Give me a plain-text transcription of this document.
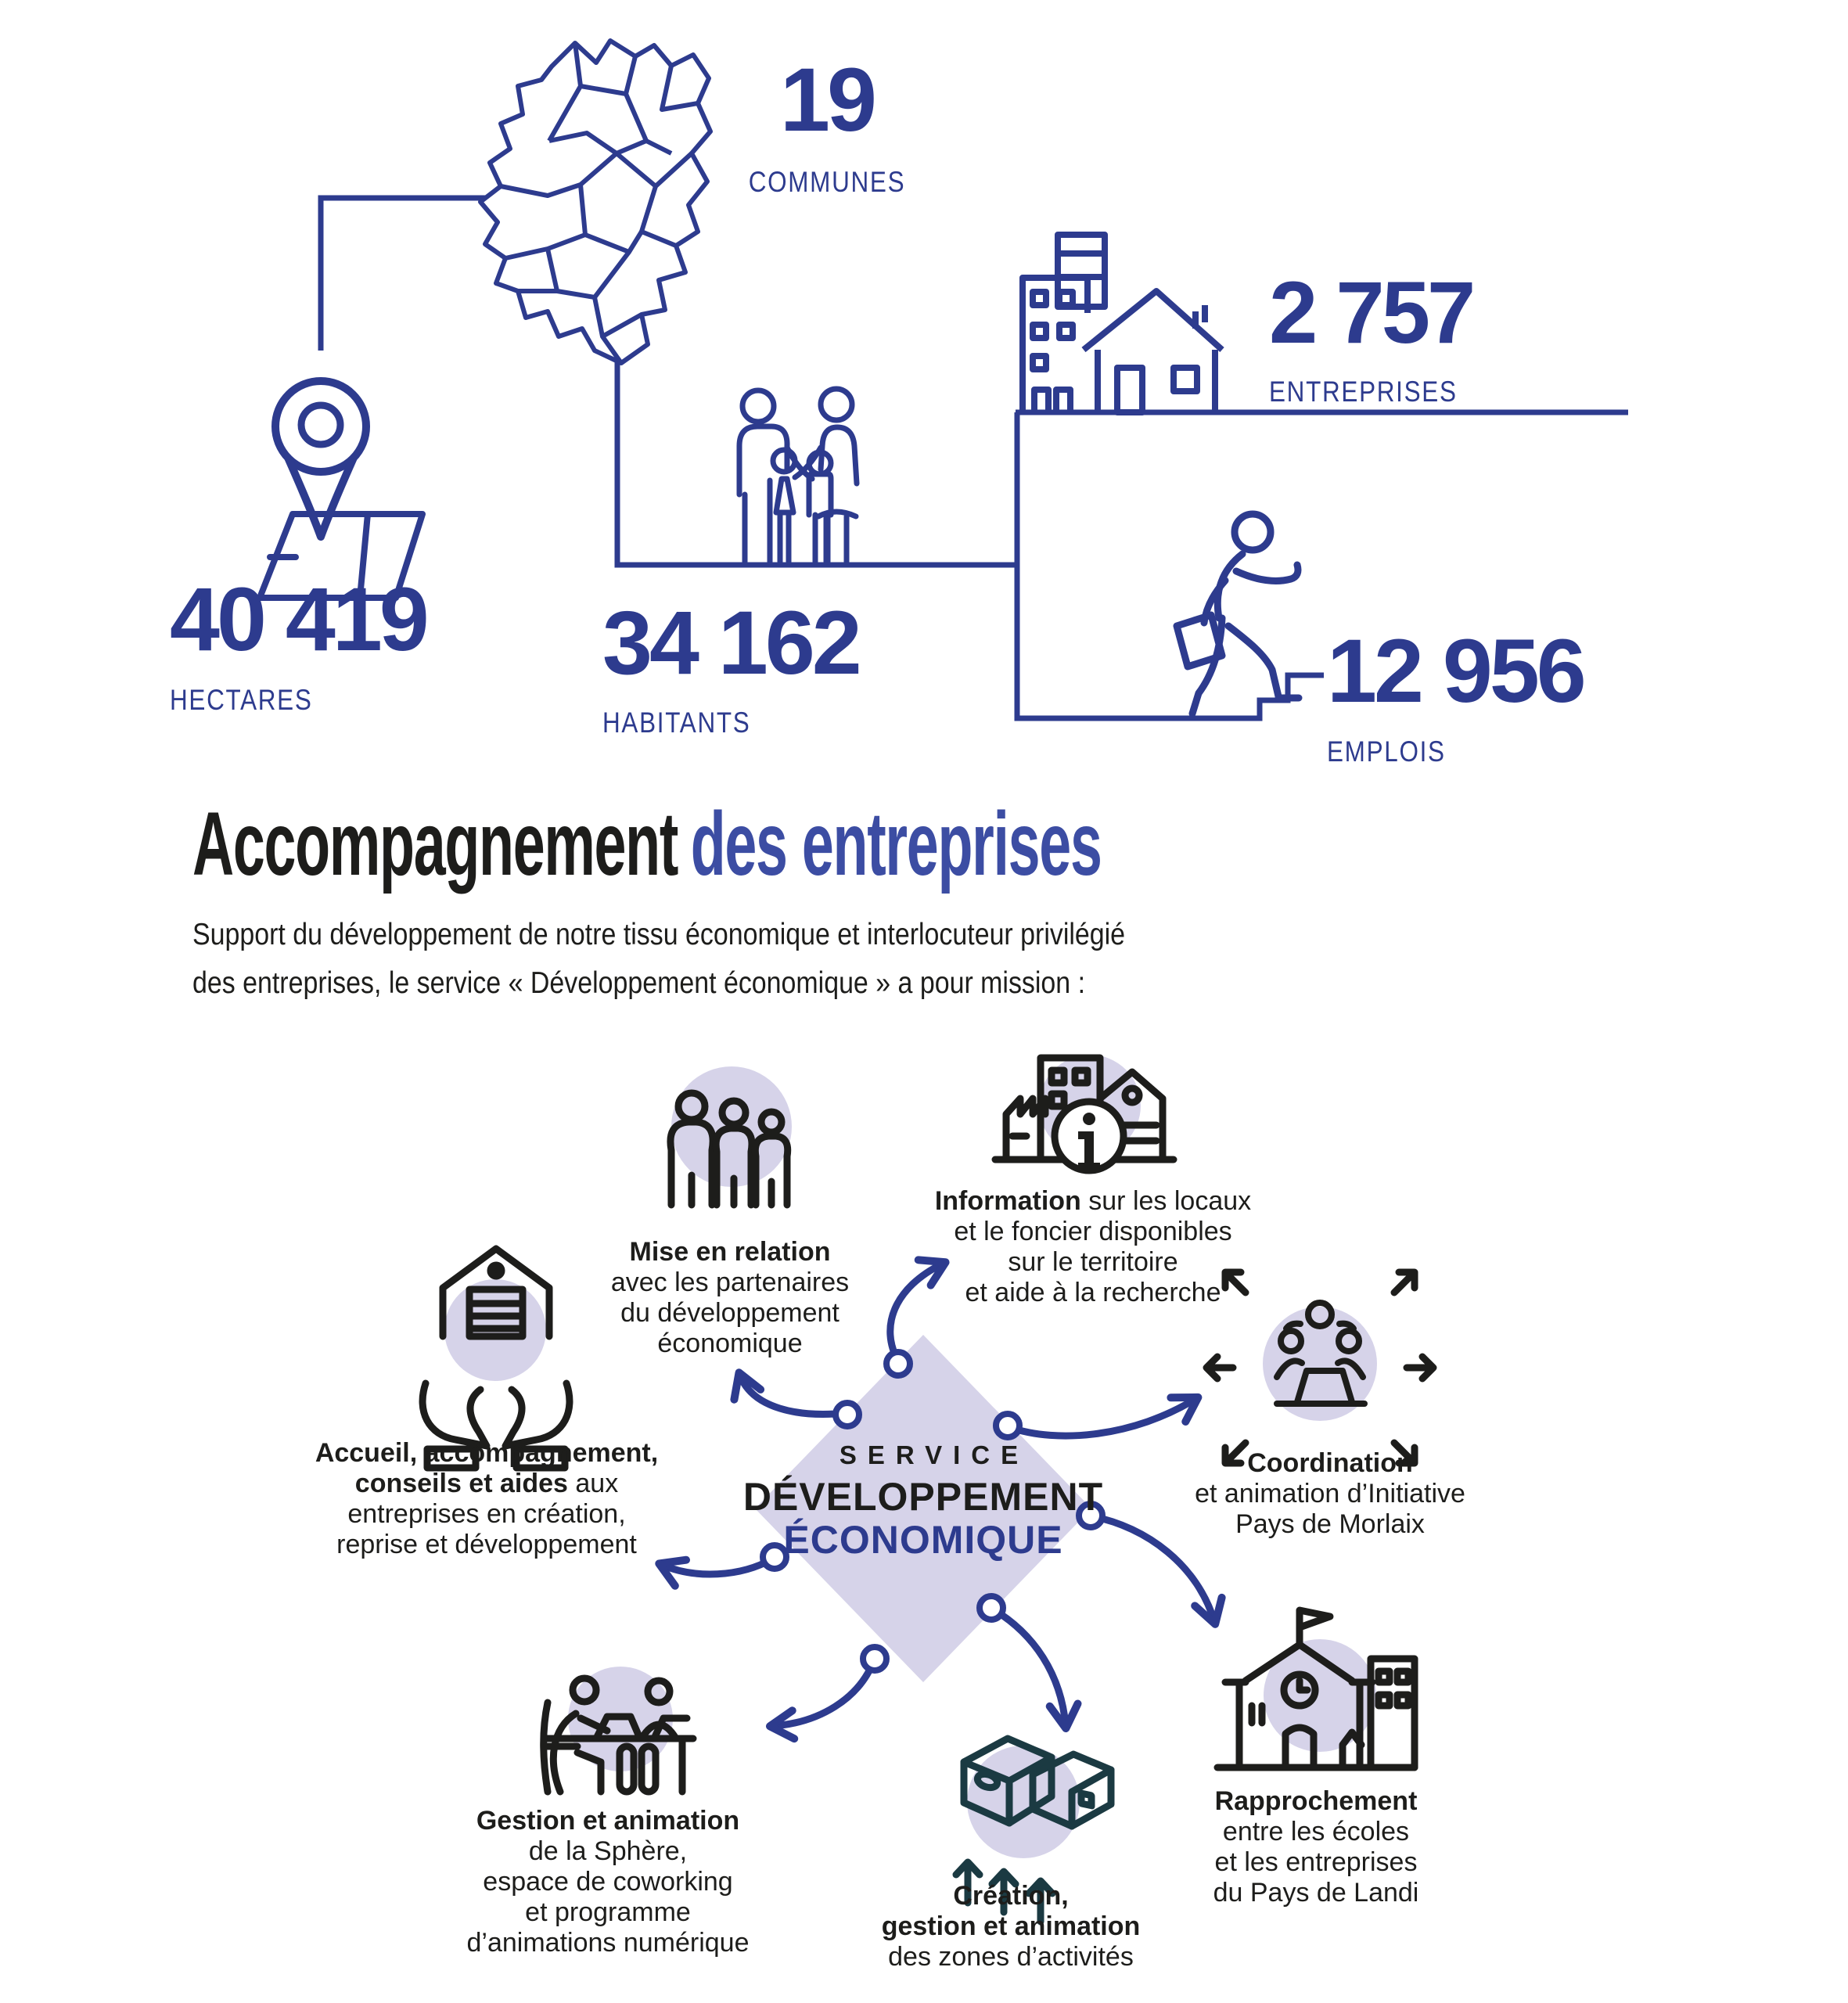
19
COMMUNES
40 419
HECTARES
34 162
HABITANTS
2 757
ENTREPRISES
12 956
EMPLOIS
Accompagnement des entreprises
Support du développement de notre tissu économique et interlocuteur privilégié
des entreprises, le service « Développement économique » a pour mission :
SERVICE
DÉVELOPPEMENT
ÉCONOMIQUE
Mise en relation
avec les partenaires
du développement
économique
Information sur les locaux
et le foncier disponibles
sur le territoire
et aide à la recherche
Coordination
et animation d’Initiative
Pays de Morlaix
Rapprochement
entre les écoles
et les entreprises
du Pays de Landi
Création,
gestion et animation
des zones d’activités
Gestion et animation
de la Sphère,
espace de coworking
et programme
d’animations numérique
Accueil, accompagnement,
conseils et aides aux
entreprises en création,
reprise et développement
